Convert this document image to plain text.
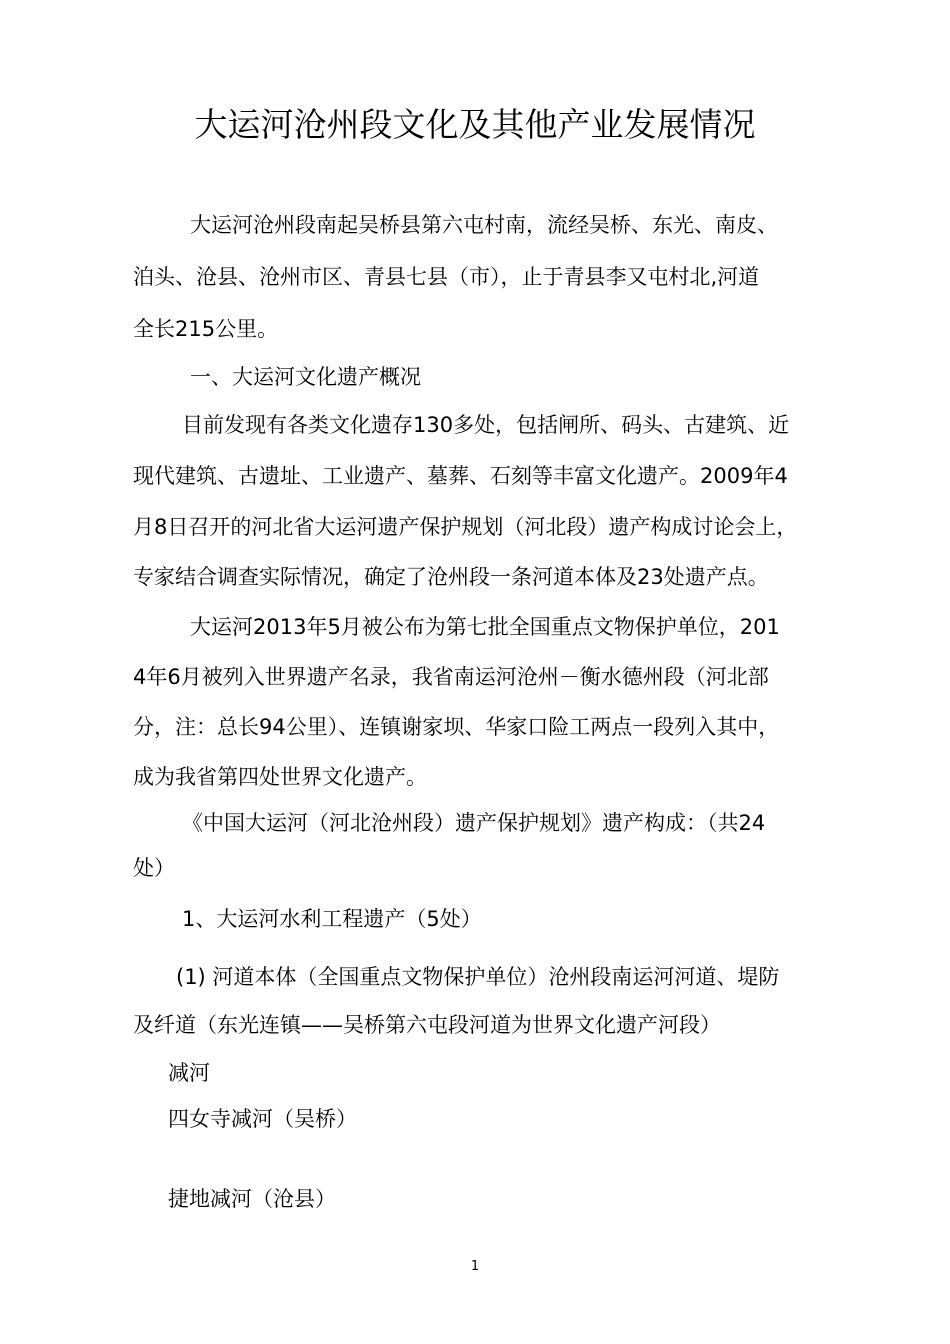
大运河沧州段文化及其他产业发展情况
大运河沧州段南起吴桥县第六屯村南，流经吴桥、东光、南皮、
泊头、沧县、沧州市区、青县七县（市），止于青县李又屯村北,河道
全长215公里。
一、大运河文化遗产概况
目前发现有各类文化遗存130多处，包括闸所、码头、古建筑、近
现代建筑、古遗址、工业遗产、墓葬、石刻等丰富文化遗产。2009年4
月8日召开的河北省大运河遗产保护规划（河北段）遗产构成讨论会上，
专家结合调查实际情况，确定了沧州段一条河道本体及23处遗产点。
大运河2013年5月被公布为第七批全国重点文物保护单位，201
4年6月被列入世界遗产名录，我省南运河沧州－衡水德州段（河北部
分，注：总长94公里）、连镇谢家坝、华家口险工两点一段列入其中，
成为我省第四处世界文化遗产。
《中国大运河（河北沧州段）遗产保护规划》遗产构成：（共24
处）
1、大运河水利工程遗产（5处）
(1) 河道本体（全国重点文物保护单位）沧州段南运河河道、堤防
及纤道（东光连镇——吴桥第六屯段河道为世界文化遗产河段）
减河
四女寺减河（吴桥）
捷地减河（沧县）
1
